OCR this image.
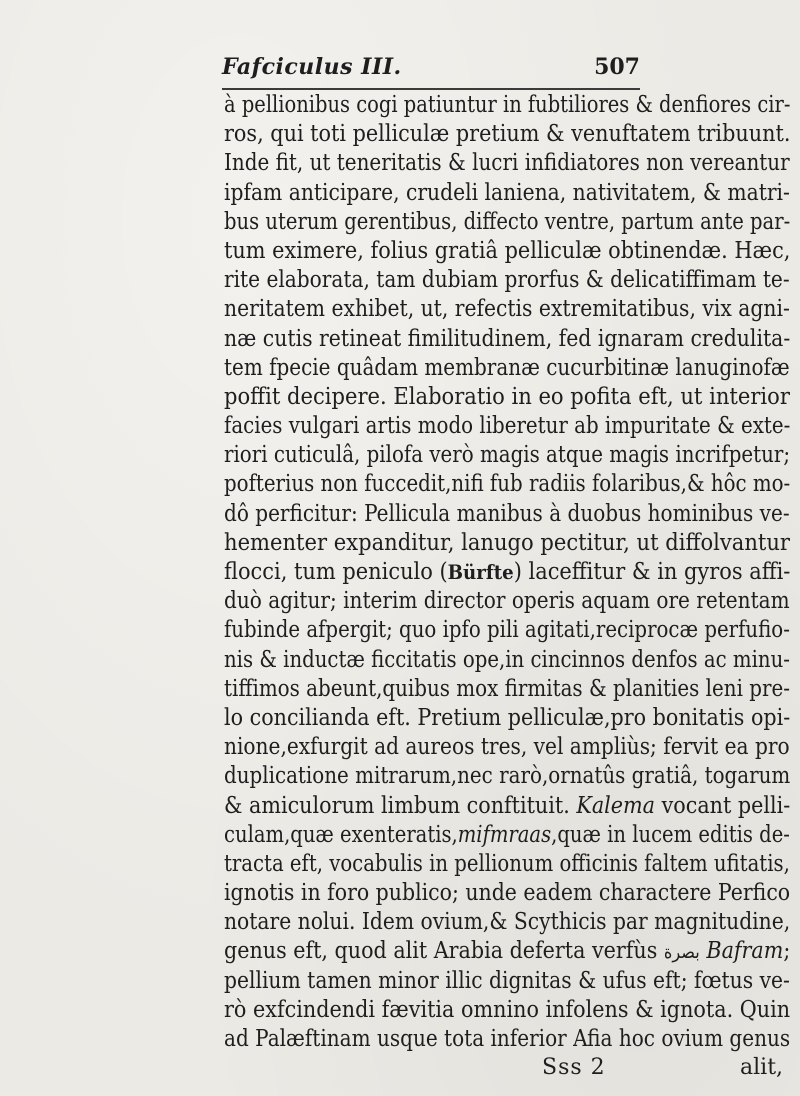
Fafciculus III.	507
à pellionibus cogi patiuntur in fubtiliores & denfiores cir-
ros, qui toti pelliculæ pretium & venuftatem tribuunt.
Inde fit, ut teneritatis & lucri infidiatores non vereantur
ipfam anticipare, crudeli laniena, nativitatem, & matri-
bus uterum gerentibus, diffecto ventre, partum ante par-
tum eximere, folius gratiâ pelliculæ obtinendæ. Hæc,
rite elaborata, tam dubiam prorfus & delicatiffimam te-
neritatem exhibet, ut, refectis extremitatibus, vix agni-
næ cutis retineat fimilitudinem, fed ignaram credulita-
tem fpecie quâdam membranæ cucurbitinæ lanuginofæ
poffit decipere. Elaboratio in eo pofita eft, ut interior
facies vulgari artis modo liberetur ab impuritate & exte-
riori cuticulâ, pilofa verò magis atque magis incrifpetur;
pofterius non fuccedit,nifi fub radiis folaribus,& hôc mo-
dô perficitur: Pellicula manibus à duobus hominibus ve-
hementer expanditur, lanugo pectitur, ut diffolvantur
flocci, tum peniculo (Bürfte) laceffitur & in gyros affi-
duò agitur; interim director operis aquam ore retentam
fubinde afpergit; quo ipfo pili agitati,reciprocæ perfufio-
nis & inductæ ficcitatis ope,in cincinnos denfos ac minu-
tiffimos abeunt,quibus mox firmitas & planities leni pre-
lo concilianda eft. Pretium pelliculæ,pro bonitatis opi-
nione,exfurgit ad aureos tres, vel ampliùs; fervit ea pro
duplicatione mitrarum,nec rarò,ornatûs gratiâ, togarum
& amiculorum limbum conftituit. Kalema vocant pelli-
culam,quæ exenteratis,mifmraas,quæ in lucem editis de-
tracta eft, vocabulis in pellionum officinis faltem ufitatis,
ignotis in foro publico; unde eadem charactere Perfico
notare nolui. Idem ovium,& Scythicis par magnitudine,
genus eft, quod alit Arabia deferta verfùs بصرة Bafram;
pellium tamen minor illic dignitas & ufus eft; fœtus ve-
rò exfcindendi fævitia omnino infolens & ignota. Quin
ad Palæftinam usque tota inferior Afia hoc ovium genus
Sss 2	alit,
